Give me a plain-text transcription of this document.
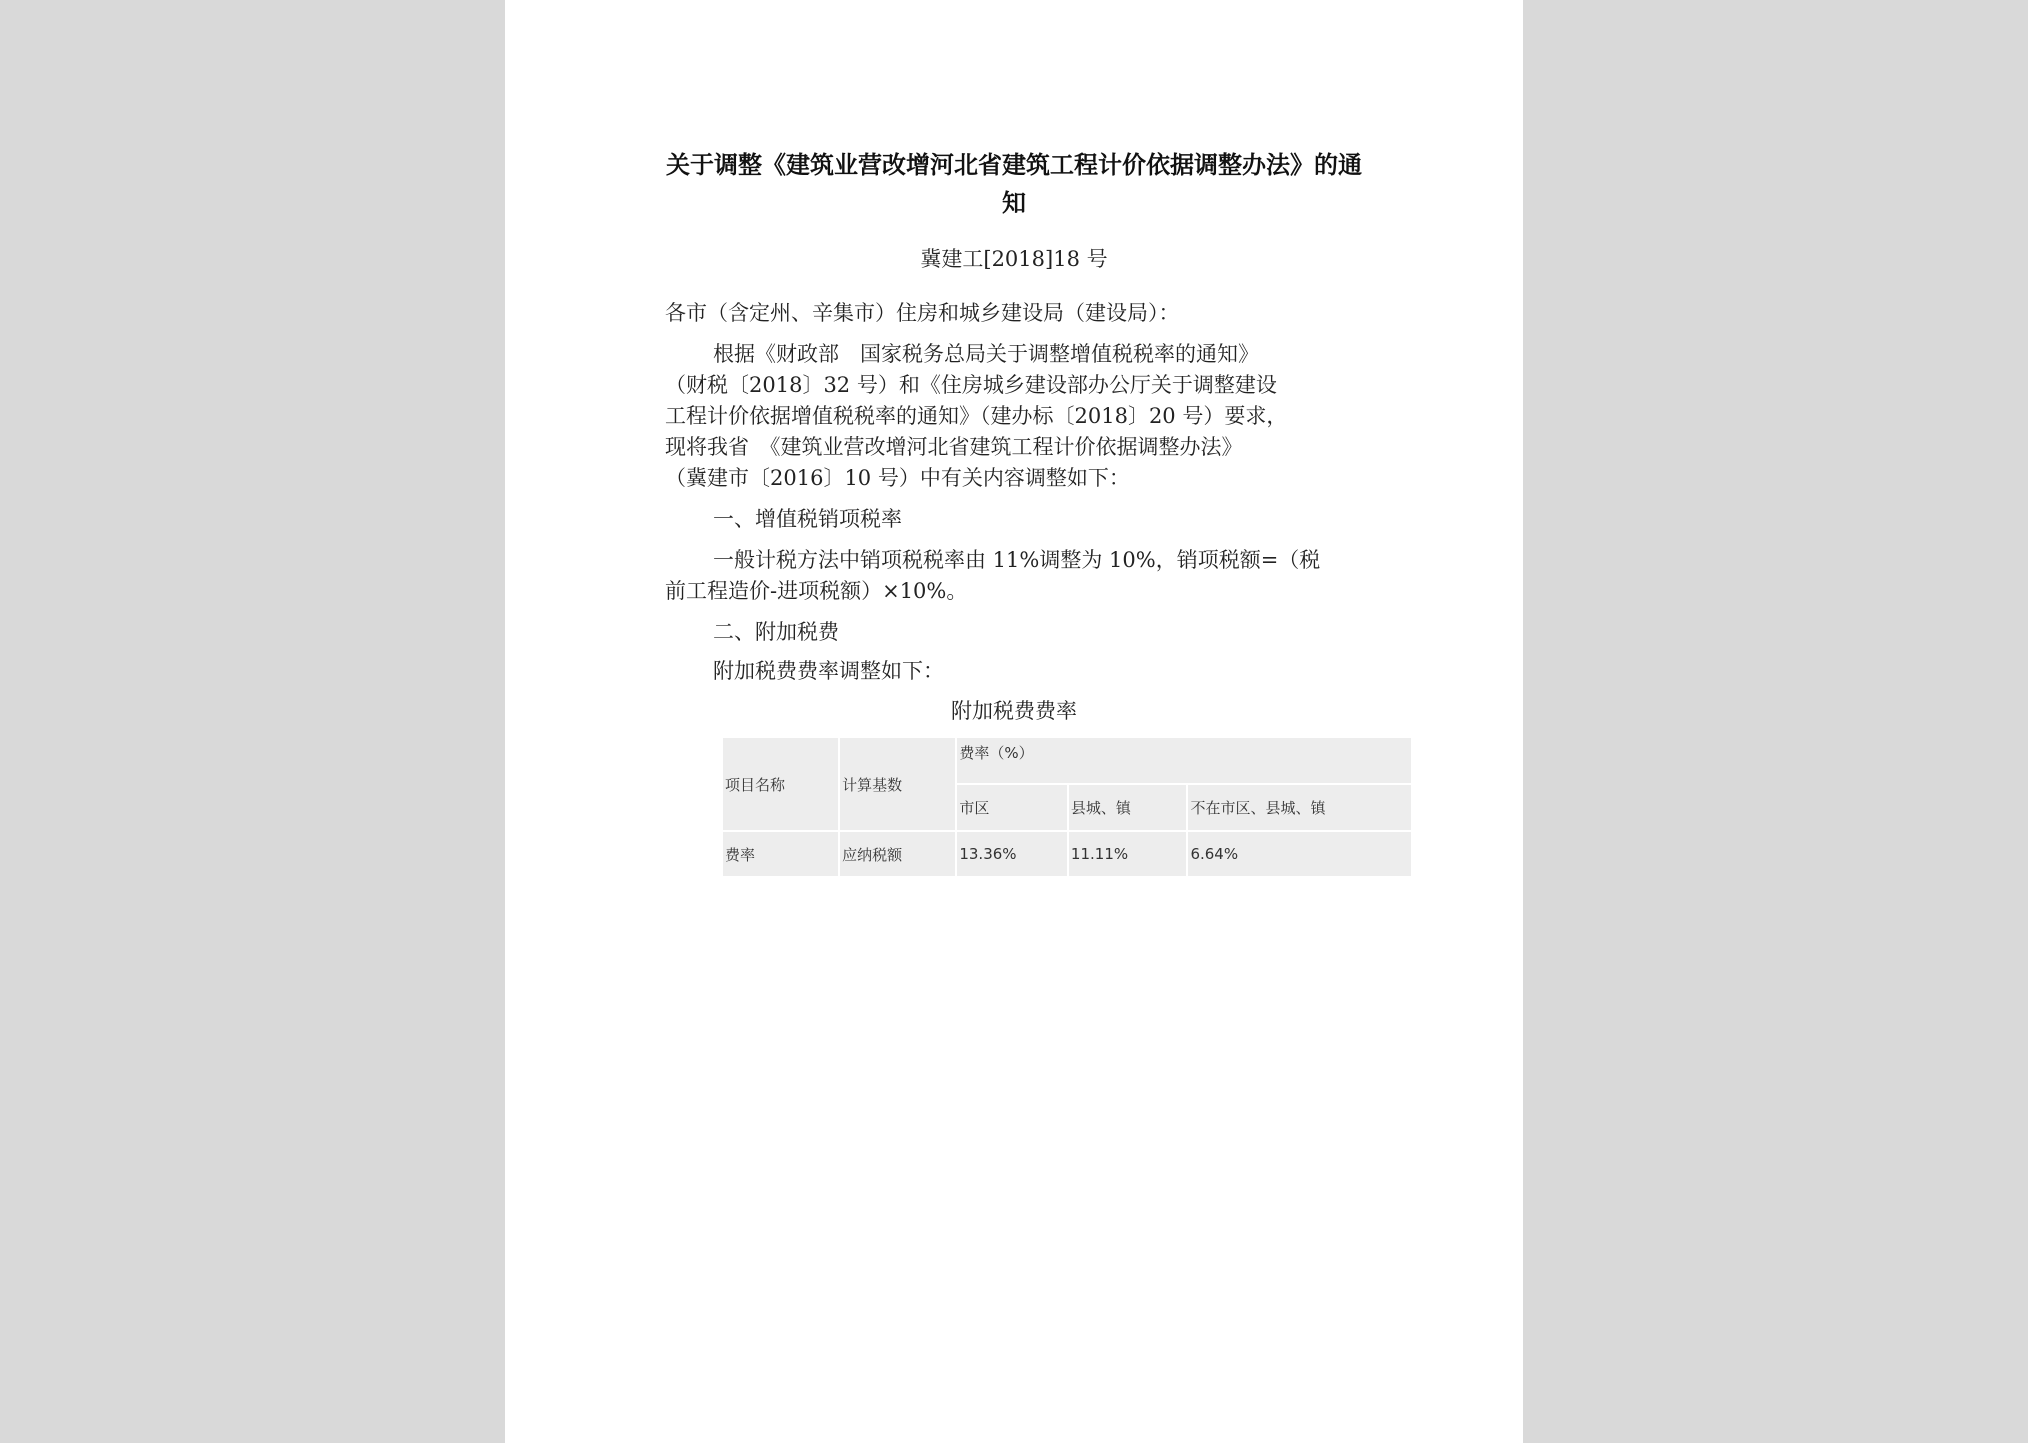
关于调整《建筑业营改增河北省建筑工程计价依据调整办法》的通知
冀建工[2018]18 号
各市（含定州、辛集市）住房和城乡建设局（建设局）：
根据《财政部　国家税务总局关于调整增值税税率的通知》
（财税〔2018〕32 号）和《住房城乡建设部办公厅关于调整建设
工程计价依据增值税税率的通知》（建办标〔2018〕20 号）要求，
现将我省　《建筑业营改增河北省建筑工程计价依据调整办法》
（冀建市〔2016〕10 号）中有关内容调整如下：
一、增值税销项税率
一般计税方法中销项税税率由 11%调整为 10%，销项税额=（税
前工程造价-进项税额）×10%。
二、附加税费
附加税费费率调整如下：
附加税费费率
项目名称	计算基数	费率（%）		
		市区	县城、镇	不在市区、县城、镇
费率	应纳税额	13.36%	11.11%	6.64%
